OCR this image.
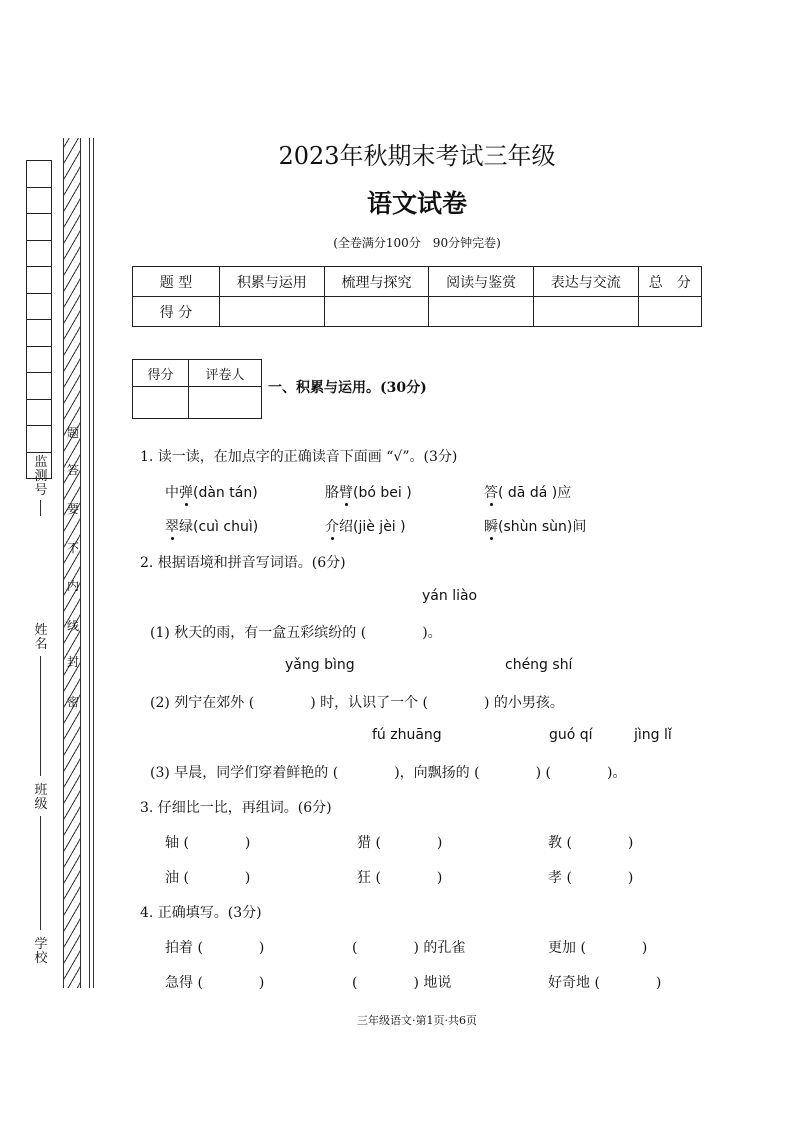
题
答
要
不
内
线
封
密
监测号
姓名
班级
学校
2023年秋期末考试三年级
语文试卷
(全卷满分100分　90分钟完卷)
题 型	积累与运用	梳理与探究	阅读与鉴赏	表达与交流	总　分
得 分					
得分	评卷人

一、积累与运用。(30分)
1. 读一读，在加点字的正确读音下面画 “√”。(3分)
中弹(dàn tán)	胳臂(bó bei )	答( dā dá )应
翠绿(cuì chuì)	介绍(jiè jèi )	瞬(shùn sùn)间
2. 根据语境和拼音写词语。(6分)
yán liào
(1) 秋天的雨，有一盒五彩缤纷的 (　　　　)。
yǎng bìng	chéng shí
(2) 列宁在郊外 (　　　　) 时，认识了一个 (　　　　) 的小男孩。
fú zhuāng	guó qí	jìng lǐ
(3) 早晨，同学们穿着鲜艳的 (　　　　)，向飘扬的 (　　　　) (　　　　)。
3. 仔细比一比，再组词。(6分)
轴 (　　　　)	猎 (　　　　)	教 (　　　　)
油 (　　　　)	狂 (　　　　)	孝 (　　　　)
4. 正确填写。(3分)
拍着 (　　　　)	(　　　　) 的孔雀	更加 (　　　　)
急得 (　　　　)	(　　　　) 地说	好奇地 (　　　　)
三年级语文·第1页·共6页
